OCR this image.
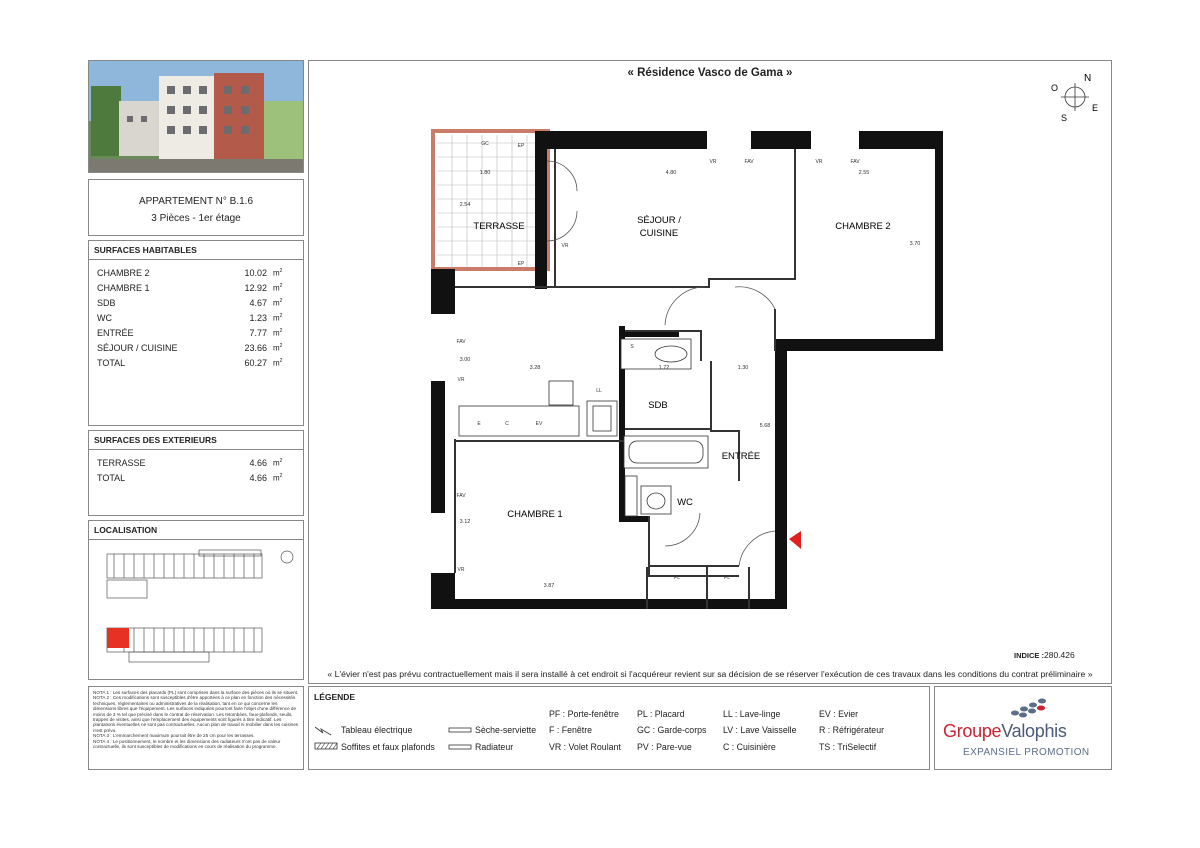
APPARTEMENT N° B.1.6
3 Pièces - 1er étage
SURFACES HABITABLES
CHAMBRE 2	10.02 $m^2$
CHAMBRE 1	12.92 $m^2$
SDB	4.67 $m^2$
WC	1.23 $m^2$
ENTRÉE	7.77 $m^2$
SÉJOUR / CUISINE	23.66 $m^2$
TOTAL	60.27 $m^2$
SURFACES DES EXTERIEURS
TERRASSE	4.66 $m^2$
TOTAL	4.66 $m^2$
LOCALISATION
NOTA 1 : Les surfaces des placards (PL) sont comprises dans la surface des pièces où ils se situent. NOTA 2 : Ces modifications sont susceptibles d'être apportées à ce plan en fonction des nécessités techniques, réglementaires ou administratives de la réalisation, tant en ce qui concerne les dimensions libres que l'équipement. Les surfaces indiquées pourront faire l'objet d'une différence de moins de 3 % tel que précisé dans le contrat de réservation. Les retombées, faux-plafonds, seuils, trappes de visites, ainsi que l'emplacement des équipements sont figurés à titre indicatif. Les plantations éventuelles ne sont pas contractuelles. Aucun plan de travail ni mobilier dans les cuisines n'est prévu.
NOTA 3 : L'emmarchement maximum pourrait être de 25 cm pour les terrasses.
NOTA 4 : Le positionnement, le nombre et les dimensions des radiateurs n'ont pas de valeur contractuelle, ils sont susceptibles de modifications en cours de réalisation du programme.
« Résidence Vasco de Gama »	N
O
E
S
TERRASSE
SÉJOUR /
CUISINE
CHAMBRE 2
CHAMBRE 1
SDB
ENTRÉE
WC
1.80	4.80	2.55
2.54
3.70
3.28	1.72	1.30
3.00
5.68
3.12
3.87
GC	EP
EP
VR	FAV	VR	FAV
VR
VR
FAV
FAV
VR
PL	PL
LL
S
E	C	EV
INDICE :280.426
« L'évier n'est pas prévu contractuellement mais il sera installé à cet endroit si l'acquéreur revient sur sa décision de se réserver l'exécution de ces travaux dans les conditions du contrat préliminaire »
LÉGENDE
Tableau électrique
Soffites et faux plafonds
Sèche-serviette
Radiateur
PF : Porte-fenêtre
F : Fenêtre
VR : Volet Roulant
PL : Placard
GC : Garde-corps
PV : Pare-vue
LL : Lave-linge
LV : Lave Vaisselle
C : Cuisinière
EV : Evier
R : Réfrigérateur
TS : TriSelectif
GroupeValophis
EXPANSIEL PROMOTION
